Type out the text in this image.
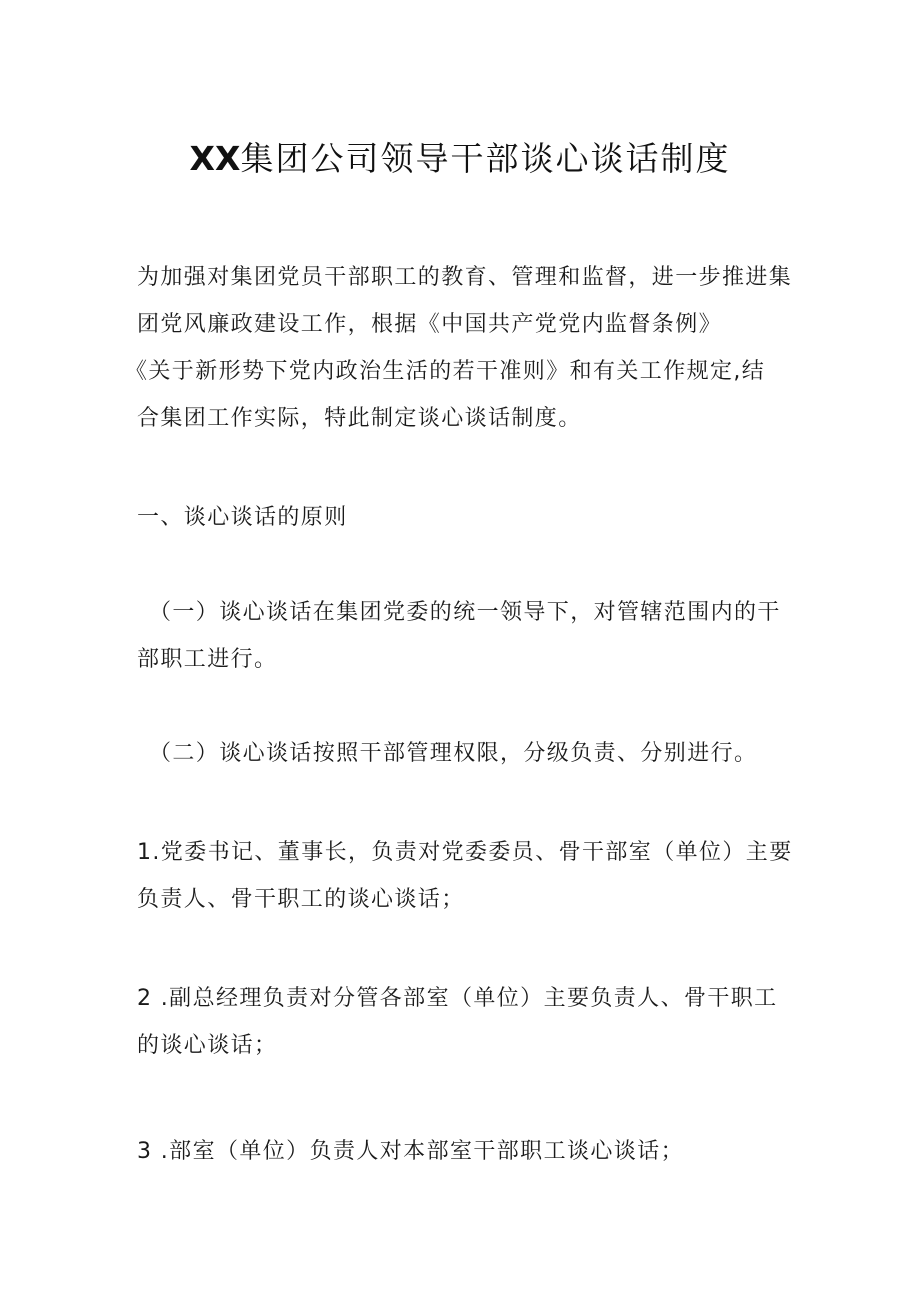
XX集团公司领导干部谈心谈话制度
为加强对集团党员干部职工的教育、管理和监督，进一步推进集
团党风廉政建设工作，根据《中国共产党党内监督条例》
《关于新形势下党内政治生活的若干准则》和有关工作规定,结
合集团工作实际，特此制定谈心谈话制度。
一、谈心谈话的原则
（一）谈心谈话在集团党委的统一领导下，对管辖范围内的干
部职工进行。
（二）谈心谈话按照干部管理权限，分级负责、分别进行。
1.党委书记、董事长，负责对党委委员、骨干部室（单位）主要
负责人、骨干职工的谈心谈话；
2 .副总经理负责对分管各部室（单位）主要负责人、骨干职工
的谈心谈话；
3 .部室（单位）负责人对本部室干部职工谈心谈话；
